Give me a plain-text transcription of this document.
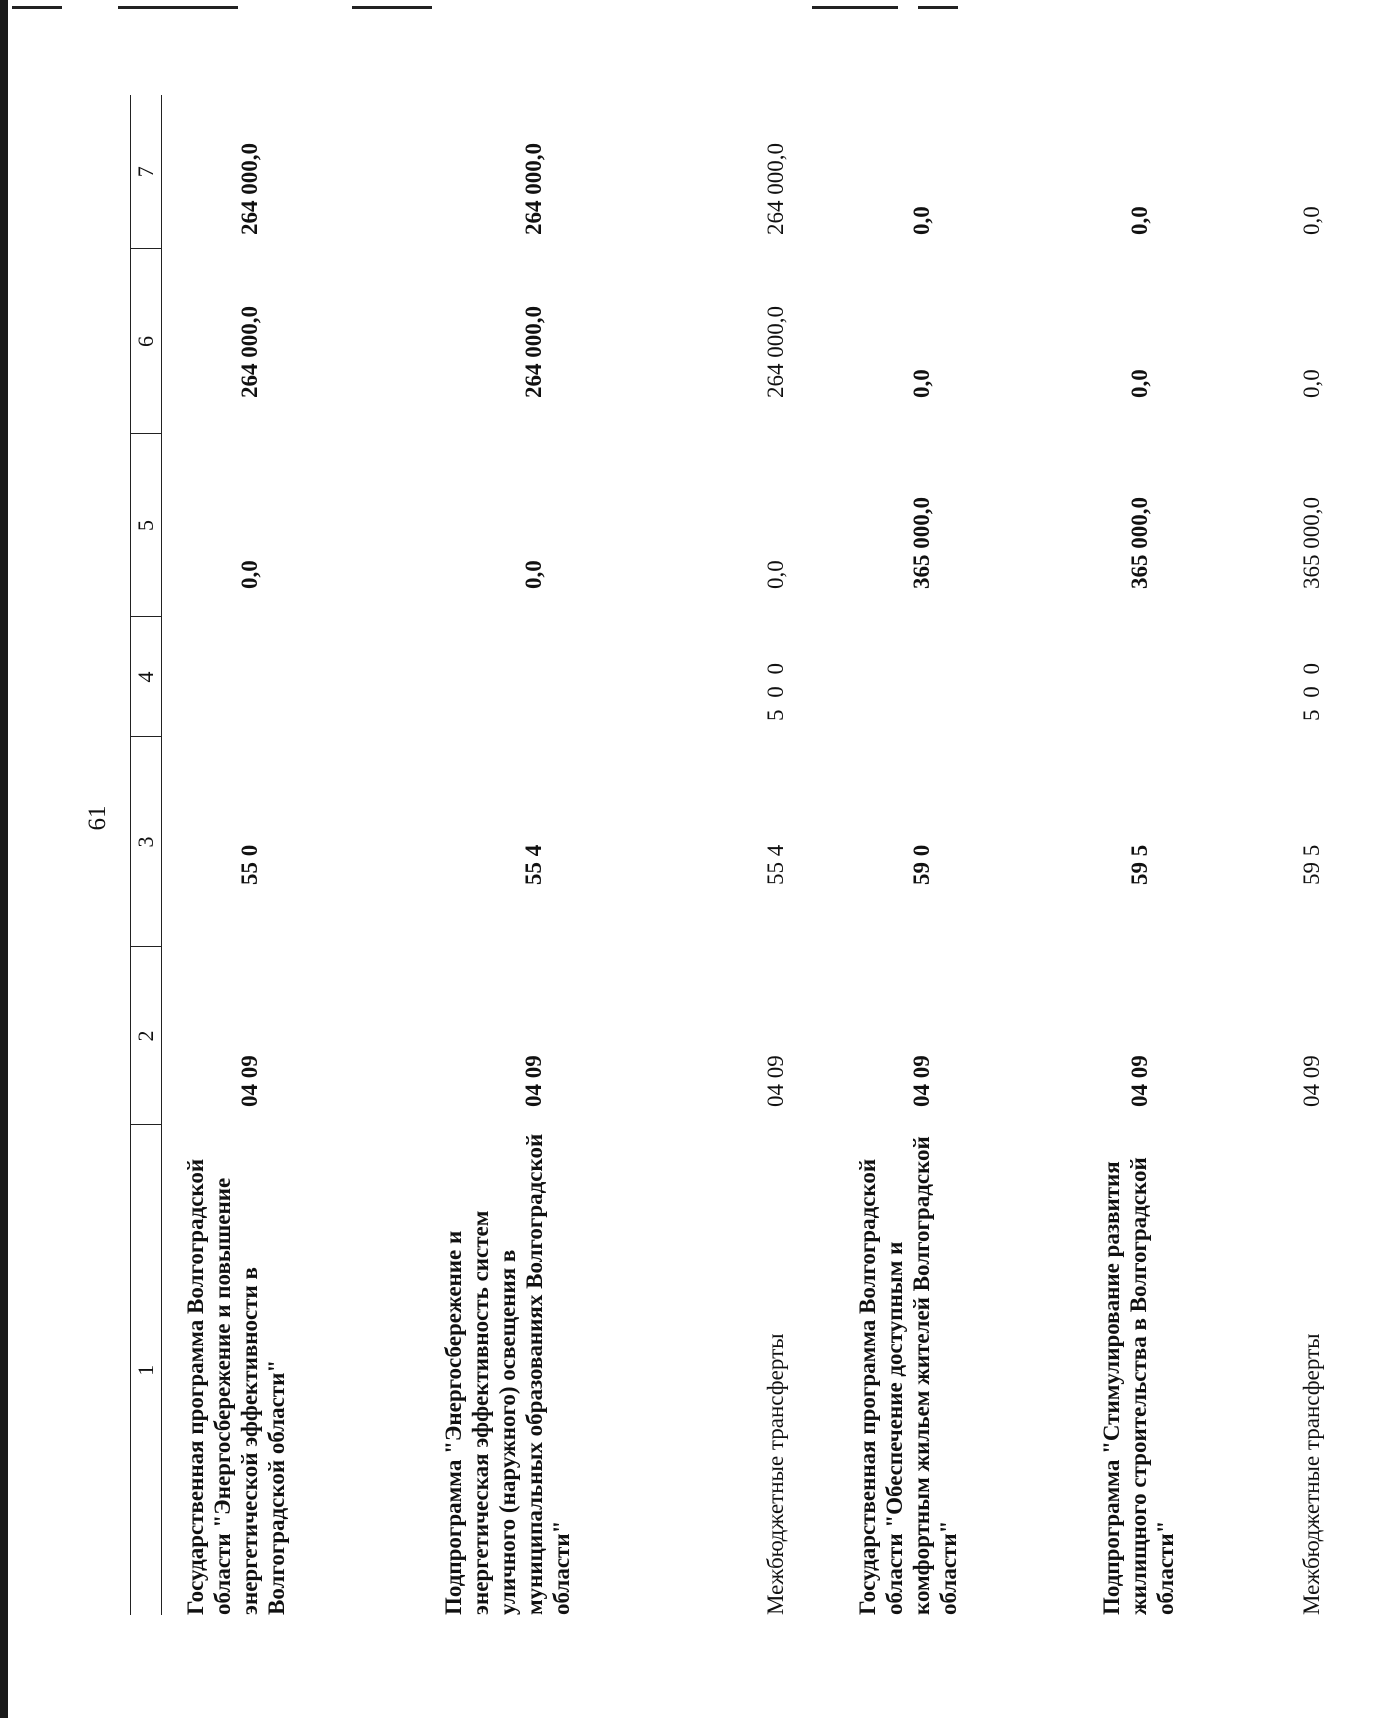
61
1	2	3	4	5	6	7
Государственная программа Волгоградской области "Энергосбережение и повышение энергетической эффективности в Волгоградской области"	04 09	55 0		0,0	264 000,0	264 000,0
Подпрограмма "Энергосбережение и энергетическая эффективность систем уличного (наружного) освещения в муниципальных образованиях Волгоградской области"	04 09	55 4		0,0	264 000,0	264 000,0
Межбюджетные трансферты	04 09	55 4	5 0 0	0,0	264 000,0	264 000,0
Государственная программа Волгоградской области "Обеспечение доступным и комфортным жильем жителей Волгоградской области"	04 09	59 0		365 000,0	0,0	0,0
Подпрограмма "Стимулирование развития жилищного строительства в Волгоградской области"	04 09	59 5		365 000,0	0,0	0,0
Межбюджетные трансферты	04 09	59 5	5 0 0	365 000,0	0,0	0,0
